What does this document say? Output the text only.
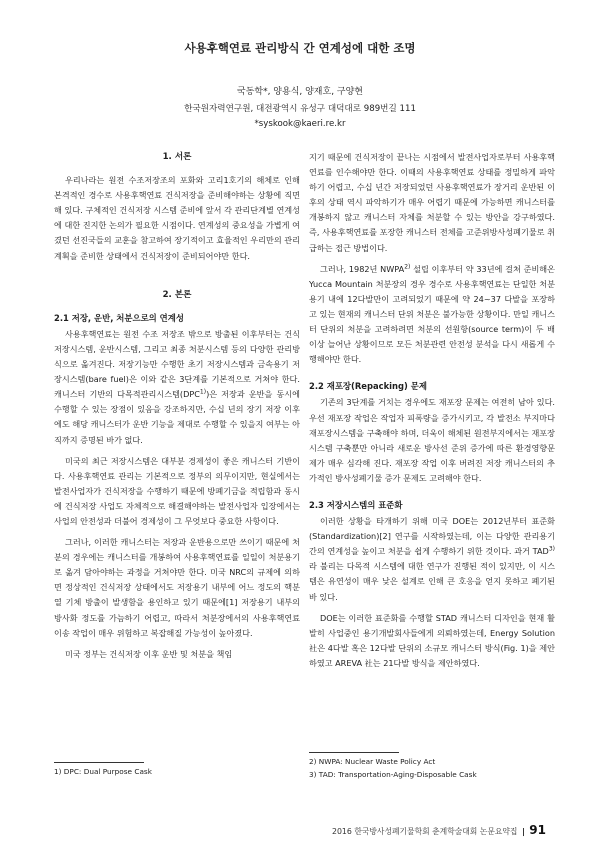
사용후핵연료 관리방식 간 연계성에 대한 조명
국동학*, 양용식, 양재호, 구양현
한국원자력연구원, 대전광역시 유성구 대덕대로 989번길 111
*syskook@kaeri.re.kr
1. 서론

우리나라는 원전 수조저장조의 포화와 고리1호기의 해체로 인해 본격적인 경수로 사용후핵연료 건식저장을 준비해야하는 상황에 직면해 있다. 구체적인 건식저장 시스템 준비에 앞서 각 관리단계별 연계성에 대한 진지한 논의가 필요한 시점이다. 연계성의 중요성을 가볍게 여겼던 선진국들의 교훈을 참고하여 장기적이고 효율적인 우리만의 관리계획을 준비한 상태에서 건식저장이 준비되어야만 한다.

2. 본론
2.1 저장, 운반, 처분으로의 연계성

사용후핵연료는 원전 수조 저장조 밖으로 방출된 이후부터는 건식저장시스템, 운반시스템, 그리고 최종 처분시스템 등의 다양한 관리방식으로 옮겨진다. 저장기능만 수행한 초기 저장시스템과 금속용기 저장시스템(bare fuel)은 이와 같은 3단계를 기본적으로 거쳐야 한다. 캐니스터 기반의 다목적관리시스템(DPC$^{1)}$)은 저장과 운반을 동시에 수행할 수 있는 장점이 있음을 강조하지만, 수십 년의 장기 저장 이후에도 해당 캐니스터가 운반 기능을 제대로 수행할 수 있을지 여부는 아직까지 증명된 바가 없다.

미국의 최근 저장시스템은 대부분 경제성이 좋은 캐니스터 기반이다. 사용후핵연료 관리는 기본적으로 정부의 의무이지만, 현실에서는 발전사업자가 건식저장을 수행하기 때문에 방폐기금을 적립함과 동시에 건식저장 사업도 자체적으로 해결해야하는 발전사업자 입장에서는 사업의 안전성과 더불어 경제성이 그 무엇보다 중요한 사항이다.

그러나, 이러한 캐니스터는 저장과 운반용으로만 쓰이기 때문에 처분의 경우에는 캐니스터를 개봉하여 사용후핵연료를 일일이 처분용기로 옮겨 담아야하는 과정을 거쳐야만 한다. 미국 NRC의 규제에 의하면 정상적인 건식저장 상태에서도 저장용기 내부에 어느 정도의 핵분열 기체 방출이 발생함을 용인하고 있기 때문에[1] 저장용기 내부의 방사화 정도를 가늠하기 어렵고, 따라서 처분장에서의 사용후핵연료 이송 작업이 매우 위험하고 복잡해질 가능성이 높아졌다.

미국 정부는 건식저장 이후 운반 및 처분을 책임

1) DPC: Dual Purpose Cask

지기 때문에 건식저장이 끝나는 시점에서 발전사업자로부터 사용후핵연료를 인수해야만 한다. 이때의 사용후핵연료 상태를 정밀하게 파악하기 어렵고, 수십 년간 저장되었던 사용후핵연료가 장거리 운반된 이후의 상태 역시 파악하기가 매우 어렵기 때문에 가능하면 캐니스터를 개봉하지 않고 캐니스터 자체를 처분할 수 있는 방안을 강구하였다. 즉, 사용후핵연료를 포장한 캐니스터 전체를 고준위방사성폐기물로 취급하는 접근 방법이다.

그러나, 1982년 NWPA$^{2)}$ 설립 이후부터 약 33년에 걸쳐 준비해온 Yucca Mountain 처분장의 경우 경수로 사용후핵연료는 단일한 처분용기 내에 12다발만이 고려되었기 때문에 약 24~37 다발을 포장하고 있는 현재의 캐니스터 단위 처분은 불가능한 상황이다. 만일 캐니스터 단위의 처분을 고려하려면 처분의 선원항(source term)이 두 배 이상 늘어난 상황이므로 모든 처분관련 안전성 분석을 다시 새롭게 수행해야만 한다.

2.2 재포장(Repacking) 문제

기존의 3단계를 거치는 경우에도 재포장 문제는 여전히 남아 있다. 우선 재포장 작업은 작업자 피폭량을 증가시키고, 각 발전소 부지마다 재포장시스템을 구축해야 하며, 더욱이 해체된 원전부지에서는 재포장 시스템 구축뿐만 아니라 새로운 방사선 준위 증가에 따른 환경영향문제가 매우 심각해 진다. 재포장 작업 이후 버려진 저장 캐니스터의 추가적인 방사성폐기물 증가 문제도 고려해야 한다.

2.3 저장시스템의 표준화

이러한 상황을 타개하기 위해 미국 DOE는 2012년부터 표준화(Standardization)[2] 연구를 시작하였는데, 이는 다양한 관리용기간의 연계성을 높이고 처분을 쉽게 수행하기 위한 것이다. 과거 TAD$^{3)}$라 불리는 다목적 시스템에 대한 연구가 진행된 적이 있지만, 이 시스템은 유연성이 매우 낮은 설계로 인해 큰 호응을 얻지 못하고 폐기된 바 있다.

DOE는 이러한 표준화를 수행할 STAD 캐니스터 디자인을 현재 활발히 사업중인 용기개발회사들에게 의뢰하였는데, Energy Solution 社은 4다발 혹은 12다발 단위의 소규모 캐니스터 방식(Fig. 1)을 제안하였고 AREVA 社는 21다발 방식을 제안하였다.

2) NWPA: Nuclear Waste Policy Act
3) TAD: Transportation-Aging-Disposable Cask
2016 한국방사성폐기물학회 춘계학술대회 논문요약집 | 91
